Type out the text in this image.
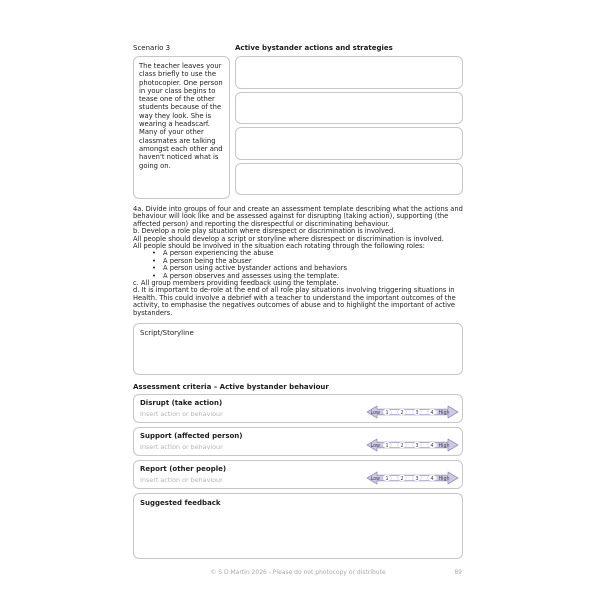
Scenario 3	Active bystander actions and strategies
The teacher leaves your class briefly to use the photocopier. One person in your class begins to tease one of the other students because of the way they look. She is wearing a headscarf. Many of your other classmates are talking amongst each other and haven't noticed what is going on.
4a. Divide into groups of four and create an assessment template describing what the actions and behaviour will look like and be assessed against for disrupting (taking action), supporting (the affected person) and reporting the disrespectful or discriminating behaviour.
b. Develop a role play situation where disrespect or discrimination is involved.
All people should develop a script or storyline where disrespect or discrimination is involved.
All people should be involved in the situation each rotating through the following roles:
• A person experiencing the abuse
• A person being the abuser
• A person using active bystander actions and behaviors
• A person observes and assesses using the template.
c. All group members providing feedback using the template.
d. It is important to de-role at the end of all role play situations involving triggering situations in Health. This could involve a debrief with a teacher to understand the important outcomes of the activity, to emphasise the negatives outcomes of abuse and to highlight the important of active bystanders.
Script/Storyline
Assessment criteria – Active bystander behaviour
Disrupt (take action)
Insert action or behaviour	Low 1 2 3 4 High
Support (affected person)
Insert action or behaviour	Low 1 2 3 4 High
Report (other people)
Insert action or behaviour	Low 1 2 3 4 High
Suggested feedback
© S D Martin 2026 - Please do not photocopy or distribute	89
